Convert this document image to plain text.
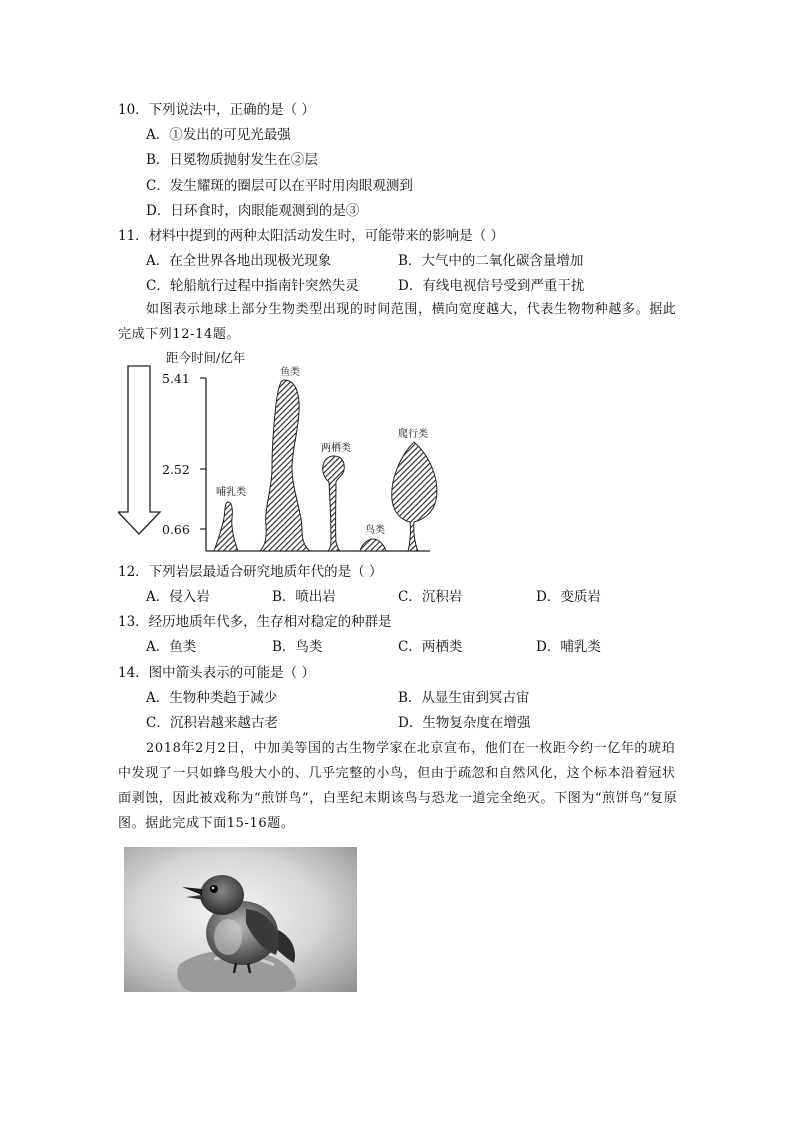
10．下列说法中，正确的是（ ）
A．①发出的可见光最强
B．日冕物质抛射发生在②层
C．发生耀斑的圈层可以在平时用肉眼观测到
D．日环食时，肉眼能观测到的是③
11．材料中提到的两种太阳活动发生时，可能带来的影响是（ ）
A．在全世界各地出现极光现象	B．大气中的二氧化碳含量增加
C．轮船航行过程中指南针突然失灵	D．有线电视信号受到严重干扰
如图表示地球上部分生物类型出现的时间范围，横向宽度越大，代表生物物种越多。据此完成下列12-14题。
距今时间/亿年
5.41
2.52
0.66
鱼类
两栖类
爬行类
鸟类
哺乳类
12．下列岩层最适合研究地质年代的是（ ）
A．侵入岩	B．喷出岩	C．沉积岩	D．变质岩
13．经历地质年代多，生存相对稳定的种群是
A．鱼类	B．鸟类	C．两栖类	D．哺乳类
14．图中箭头表示的可能是（ ）
A．生物种类趋于减少	B．从显生宙到冥古宙
C．沉积岩越来越古老	D．生物复杂度在增强
2018年2月2日，中加美等国的古生物学家在北京宣布，他们在一枚距今约一亿年的琥珀中发现了一只如蜂鸟般大小的、几乎完整的小鸟，但由于疏忽和自然风化，这个标本沿着冠状面剥蚀，因此被戏称为“煎饼鸟”，白垩纪末期该鸟与恐龙一道完全绝灭。下图为“煎饼鸟”复原图。据此完成下面15-16题。
